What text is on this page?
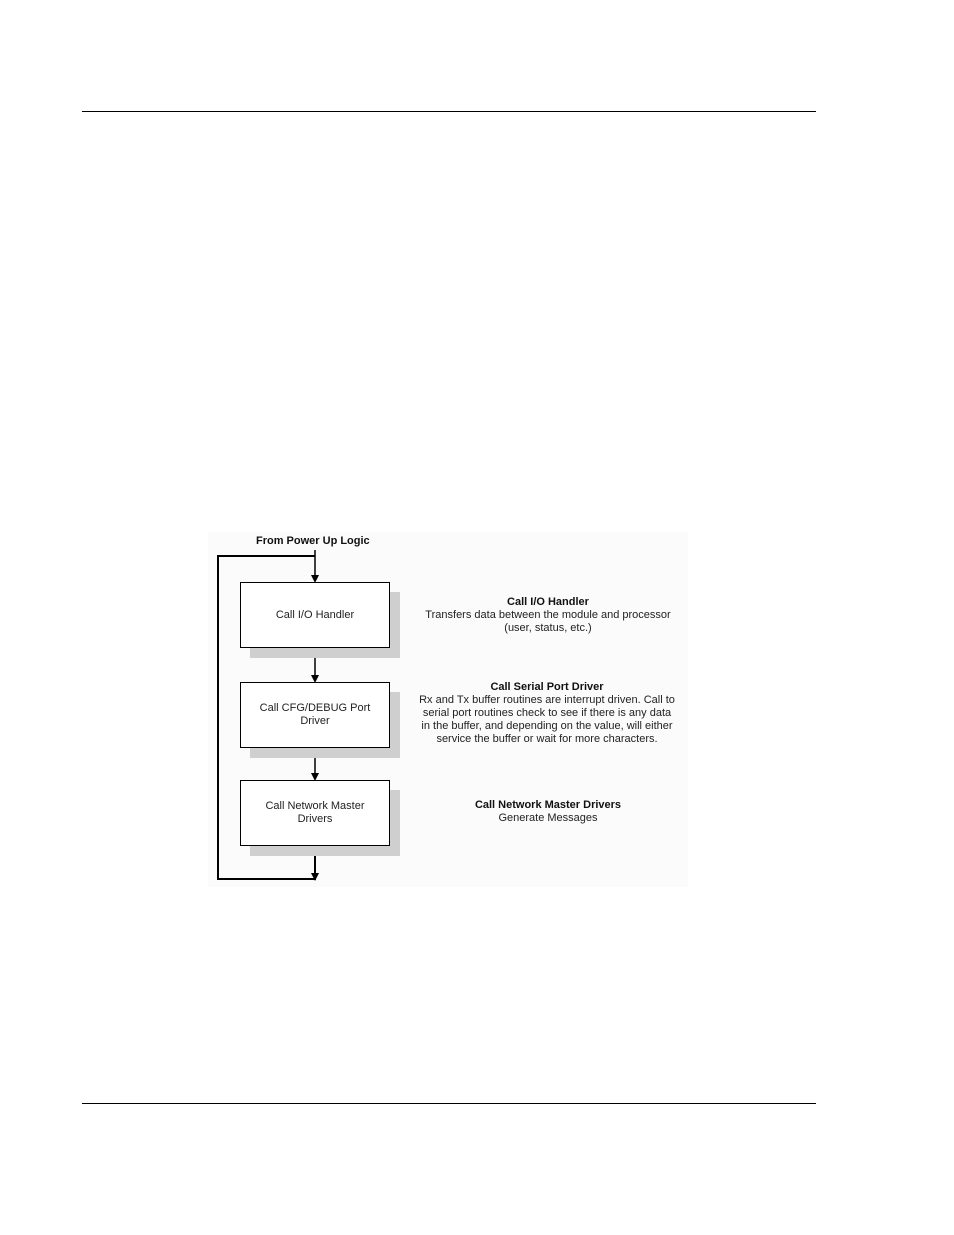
From Power Up Logic
Call I/O Handler
Call CFG/DEBUG Port Driver
Call Network Master Drivers
Call I/O Handler
Transfers data between the module and processor
(user, status, etc.)
Call Serial Port Driver
Rx and Tx buffer routines are interrupt driven. Call to
serial port routines check to see if there is any data
in the buffer, and depending on the value, will either
service the buffer or wait for more characters.
Call Network Master Drivers
Generate Messages
